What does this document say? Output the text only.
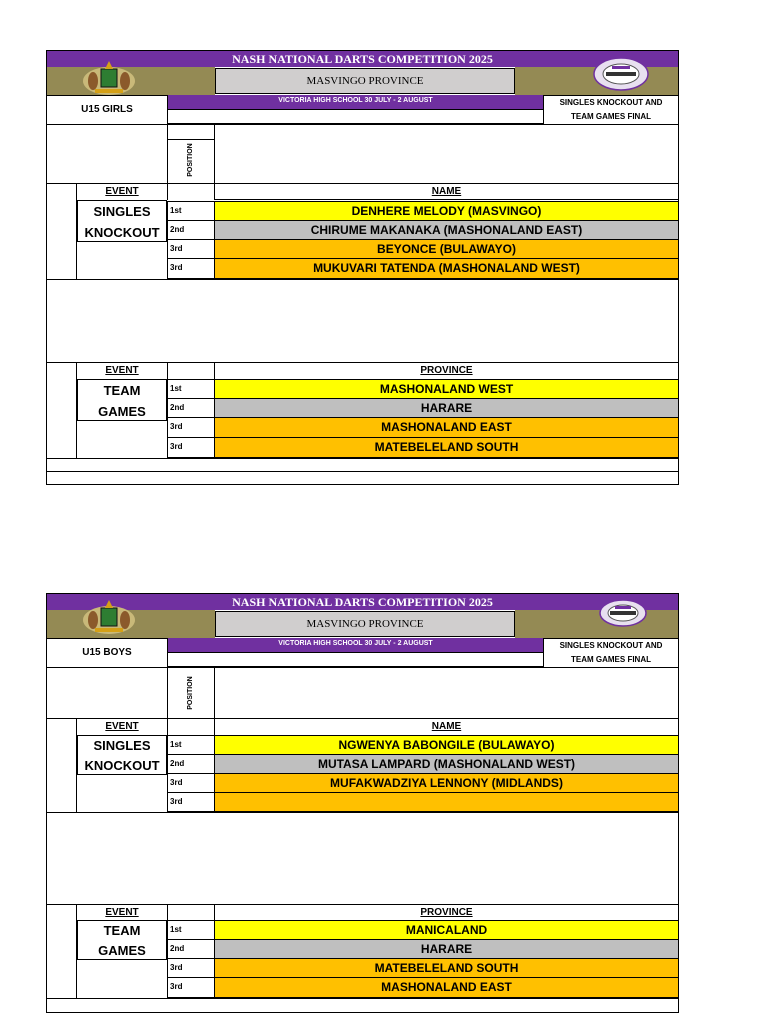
NASH NATIONAL DARTS COMPETITION 2025
MASVINGO PROVINCE
U15 GIRLS
VICTORIA HIGH SCHOOL 30 JULY - 2 AUGUST	SINGLES KNOCKOUT AND
TEAM GAMES FINAL
POSITION
EVENT	NAME
SINGLES
KNOCKOUT
1st	DENHERE MELODY (MASVINGO)
2nd	CHIRUME MAKANAKA (MASHONALAND EAST)
3rd	BEYONCE (BULAWAYO)
3rd	MUKUVARI TATENDA (MASHONALAND WEST)
EVENT	PROVINCE
TEAM
GAMES
1st	MASHONALAND WEST
2nd	HARARE
3rd	MASHONALAND EAST
3rd	MATEBELELAND SOUTH
NASH NATIONAL DARTS COMPETITION 2025
MASVINGO PROVINCE
U15 BOYS
VICTORIA HIGH SCHOOL 30 JULY - 2 AUGUST	SINGLES KNOCKOUT AND
TEAM GAMES FINAL
POSITION
EVENT	NAME
SINGLES
KNOCKOUT
1st	NGWENYA BABONGILE (BULAWAYO)
2nd	MUTASA LAMPARD (MASHONALAND WEST)
3rd	MUFAKWADZIYA LENNONY (MIDLANDS)
3rd
EVENT	PROVINCE
TEAM
GAMES
1st	MANICALAND
2nd	HARARE
3rd	MATEBELELAND SOUTH
3rd	MASHONALAND EAST
